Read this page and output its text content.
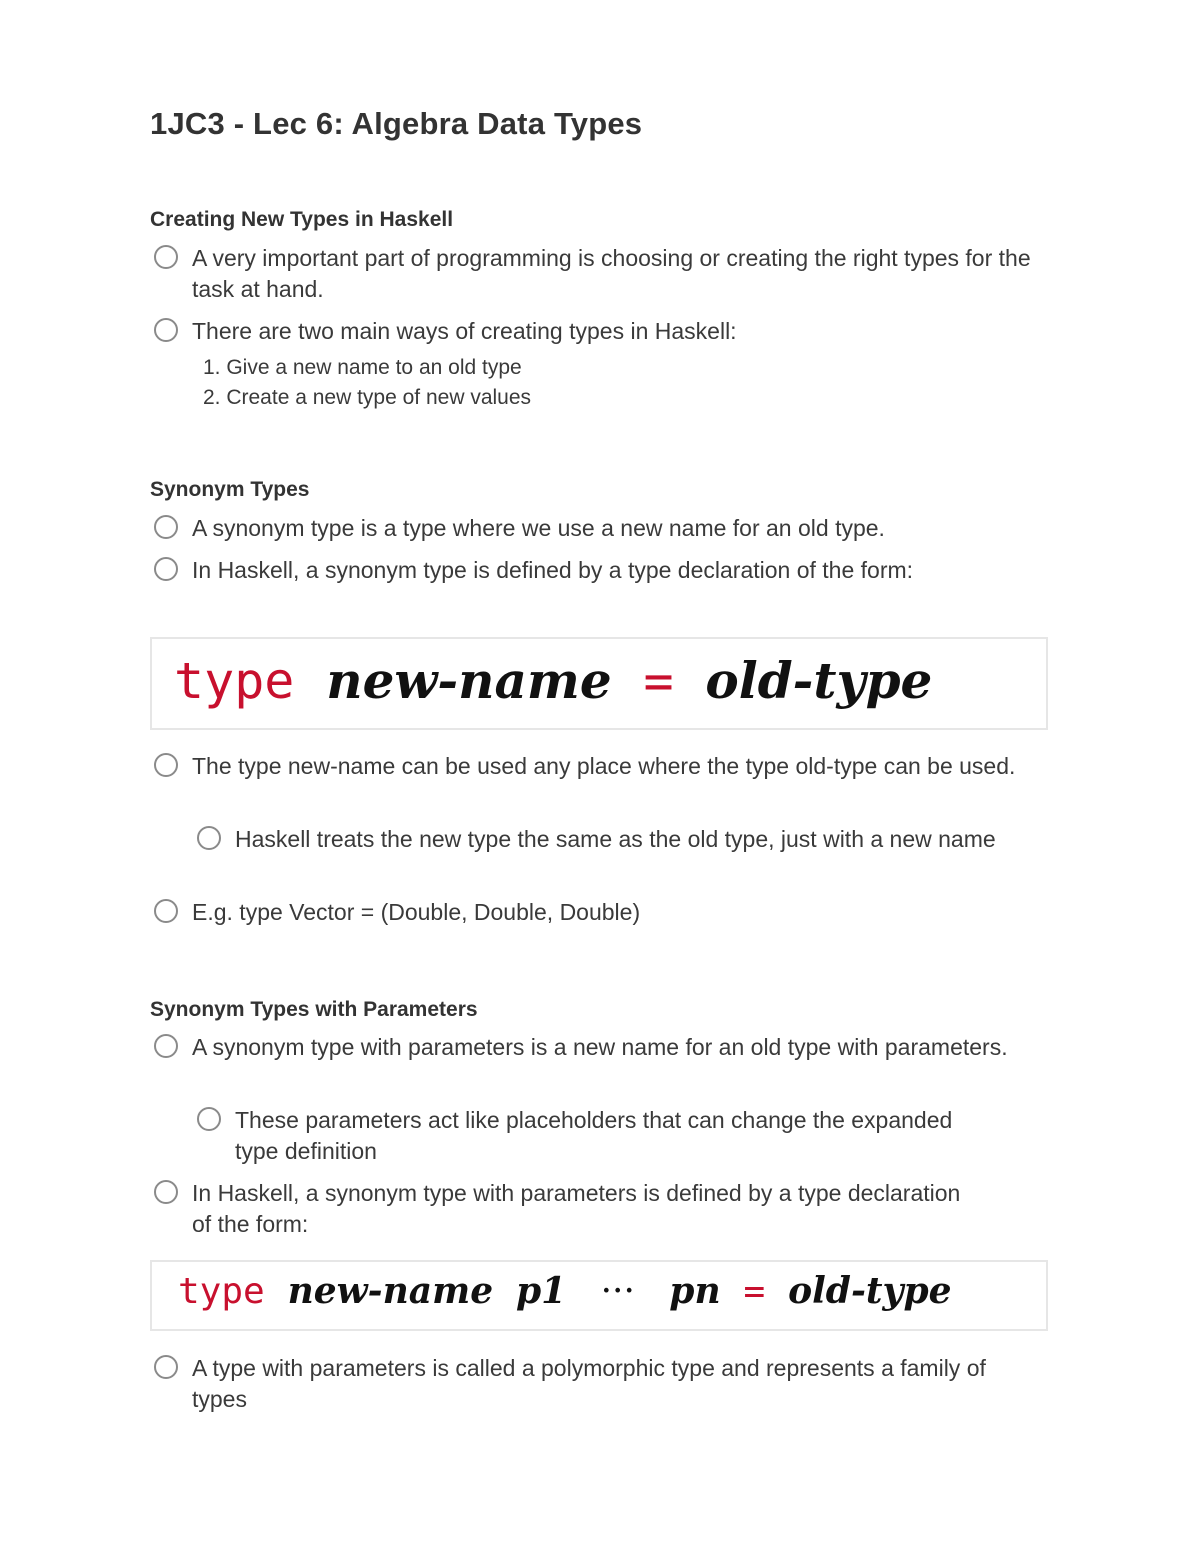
1JC3 - Lec 6: Algebra Data Types
Creating New Types in Haskell
A very important part of programming is choosing or creating the right types for the task at hand.
There are two main ways of creating types in Haskell:
1. Give a new name to an old type
2. Create a new type of new values
Synonym Types
A synonym type is a type where we use a new name for an old type.
In Haskell, a synonym type is defined by a type declaration of the form:
type new-name = old-type
The type new-name can be used any place where the type old-type can be used.
Haskell treats the new type the same as the old type, just with a new name
E.g. type Vector = (Double, Double, Double)
Synonym Types with Parameters
A synonym type with parameters is a new name for an old type with parameters.
These parameters act like placeholders that can change the expanded type definition
In Haskell, a synonym type with parameters is defined by a type declaration of the form:
type new-name p1 ··· pn = old-type
A type with parameters is called a polymorphic type and represents a family of types
